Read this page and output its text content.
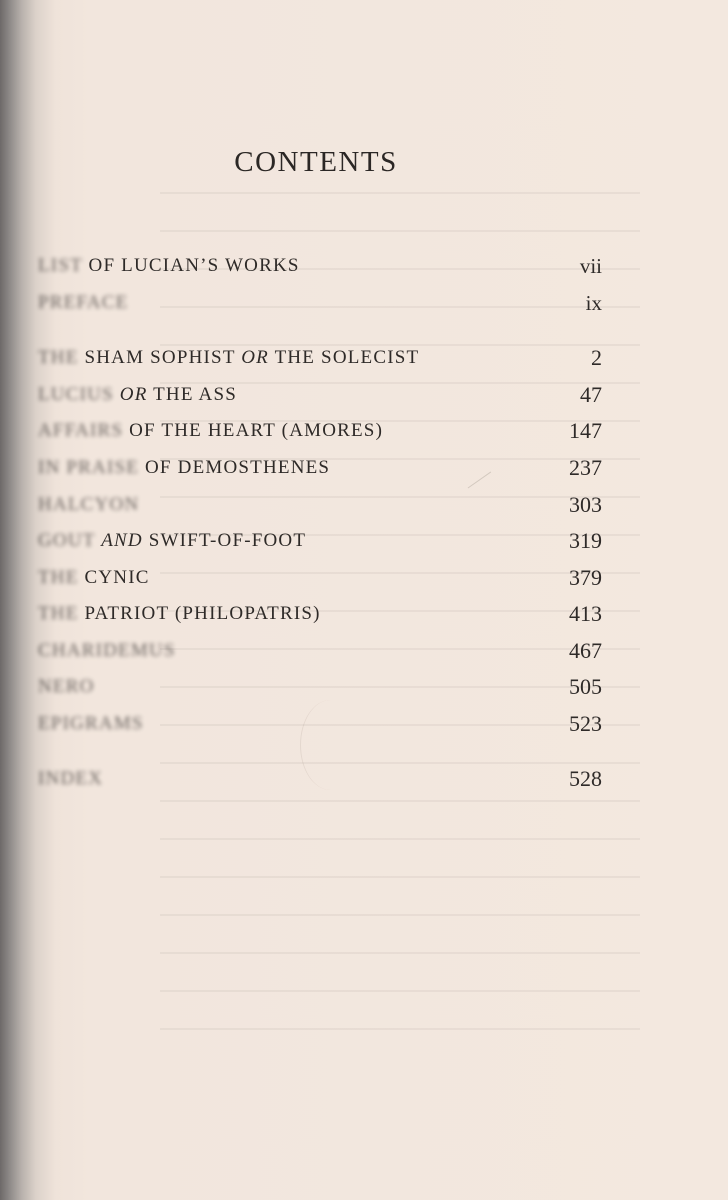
CONTENTS
LIST OF LUCIAN’S WORKS	vii
PREFACE	ix
THE SHAM SOPHIST OR THE SOLECIST	2
LUCIUS OR THE ASS	47
AFFAIRS OF THE HEART (AMORES)	147
IN PRAISE OF DEMOSTHENES	237
HALCYON	303
GOUT AND SWIFT-OF-FOOT	319
THE CYNIC	379
THE PATRIOT (PHILOPATRIS)	413
CHARIDEMUS	467
NERO	505
EPIGRAMS	523
INDEX	528
